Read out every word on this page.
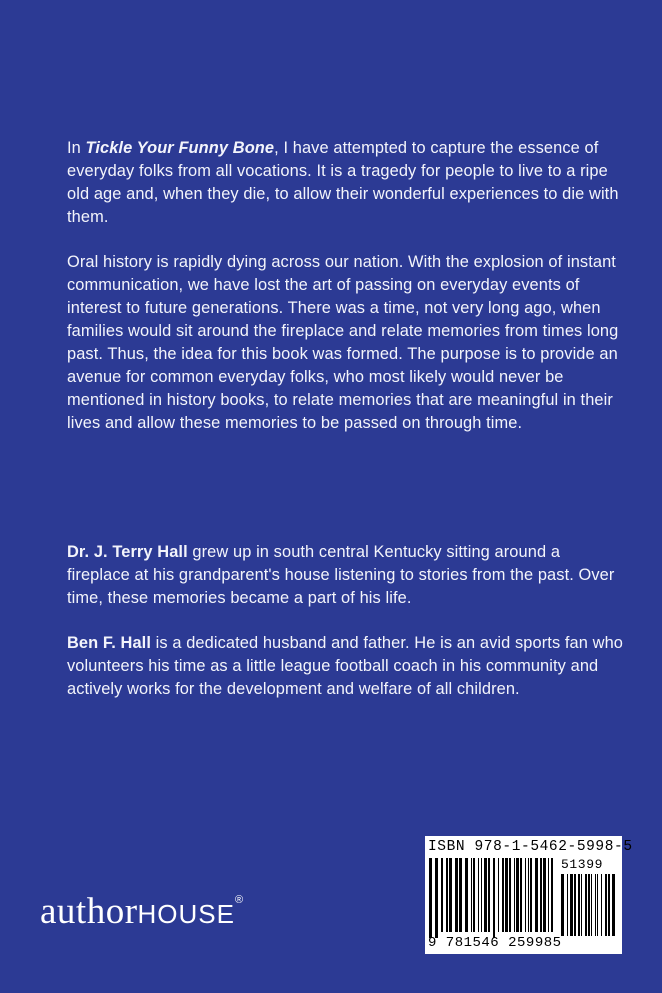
In Tickle Your Funny Bone, I have attempted to capture the essence of everyday folks from all vocations. It is a tragedy for people to live to a ripe old age and, when they die, to allow their wonderful experiences to die with them.

Oral history is rapidly dying across our nation. With the explosion of instant communication, we have lost the art of passing on everyday events of interest to future generations. There was a time, not very long ago, when families would sit around the fireplace and relate memories from times long past. Thus, the idea for this book was formed. The purpose is to provide an avenue for common everyday folks, who most likely would never be mentioned in history books, to relate memories that are meaningful in their lives and allow these memories to be passed on through time.

Dr. J. Terry Hall grew up in south central Kentucky sitting around a fireplace at his grandparent's house listening to stories from the past. Over time, these memories became a part of his life.

Ben F. Hall is a dedicated husband and father. He is an avid sports fan who volunteers his time as a little league football coach in his community and actively works for the development and welfare of all children.

authorHOUSE®
ISBN 978-1-5462-5998-5
51399
9 781546 259985
